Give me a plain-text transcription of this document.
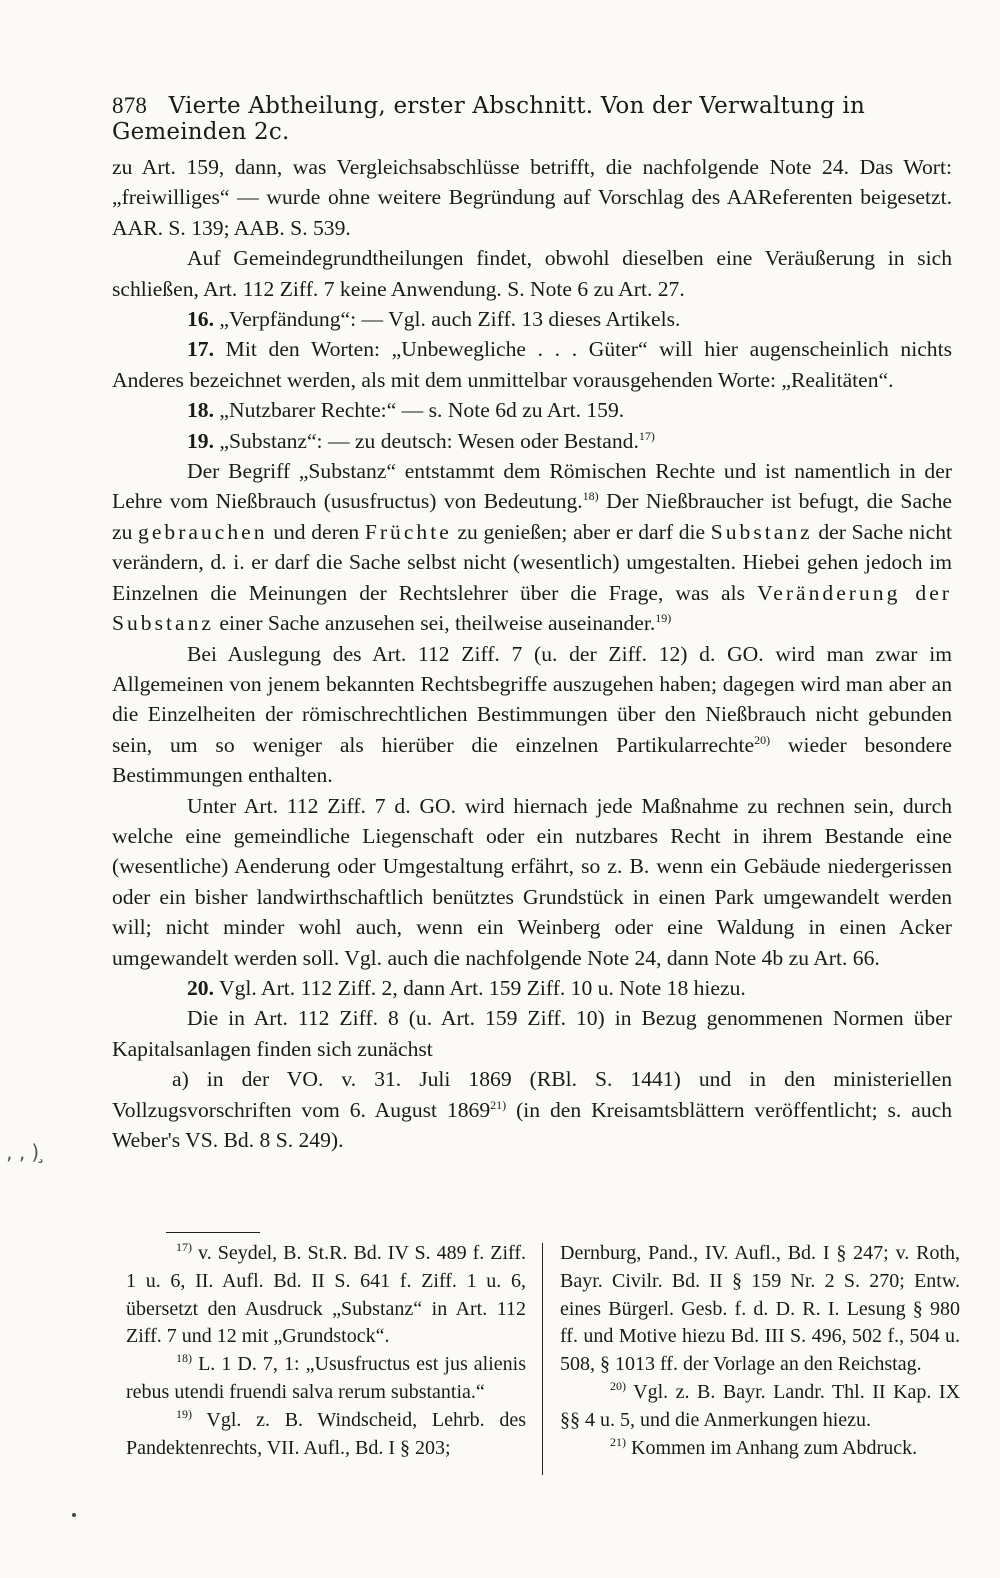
878 Vierte Abtheilung, erster Abschnitt. Von der Verwaltung in Gemeinden 2c.

zu Art. 159, dann, was Vergleichsabschlüsse betrifft, die nachfolgende Note 24. Das Wort: „freiwilliges“ — wurde ohne weitere Begründung auf Vorschlag des AAReferenten beigesetzt. AAR. S. 139; AAB. S. 539.

Auf Gemeindegrundtheilungen findet, obwohl dieselben eine Veräußerung in sich schließen, Art. 112 Ziff. 7 keine Anwendung. S. Note 6 zu Art. 27.

16. „Verpfändung“: — Vgl. auch Ziff. 13 dieses Artikels.

17. Mit den Worten: „Unbewegliche . . . Güter“ will hier augenscheinlich nichts Anderes bezeichnet werden, als mit dem unmittelbar vorausgehenden Worte: „Realitäten“.

18. „Nutzbarer Rechte:“ — s. Note 6d zu Art. 159.

19. „Substanz“: — zu deutsch: Wesen oder Bestand.$^{17)}$

Der Begriff „Substanz“ entstammt dem Römischen Rechte und ist namentlich in der Lehre vom Nießbrauch (ususfructus) von Bedeutung.$^{18)}$ Der Nießbraucher ist befugt, die Sache zu gebrauchen und deren Früchte zu genießen; aber er darf die Substanz der Sache nicht verändern, d. i. er darf die Sache selbst nicht (wesentlich) umgestalten. Hiebei gehen jedoch im Einzelnen die Meinungen der Rechtslehrer über die Frage, was als Veränderung der Substanz einer Sache anzusehen sei, theilweise auseinander.$^{19)}$

Bei Auslegung des Art. 112 Ziff. 7 (u. der Ziff. 12) d. GO. wird man zwar im Allgemeinen von jenem bekannten Rechtsbegriffe auszugehen haben; dagegen wird man aber an die Einzelheiten der römischrechtlichen Bestimmungen über den Nießbrauch nicht gebunden sein, um so weniger als hierüber die einzelnen Partikularrechte$^{20)}$ wieder besondere Bestimmungen enthalten.

Unter Art. 112 Ziff. 7 d. GO. wird hiernach jede Maßnahme zu rechnen sein, durch welche eine gemeindliche Liegenschaft oder ein nutzbares Recht in ihrem Bestande eine (wesentliche) Aenderung oder Umgestaltung erfährt, so z. B. wenn ein Gebäude niedergerissen oder ein bisher landwirthschaftlich benütztes Grundstück in einen Park umgewandelt werden will; nicht minder wohl auch, wenn ein Weinberg oder eine Waldung in einen Acker umgewandelt werden soll. Vgl. auch die nachfolgende Note 24, dann Note 4b zu Art. 66.

20. Vgl. Art. 112 Ziff. 2, dann Art. 159 Ziff. 10 u. Note 18 hiezu.

Die in Art. 112 Ziff. 8 (u. Art. 159 Ziff. 10) in Bezug genommenen Normen über Kapitalsanlagen finden sich zunächst

a) in der VO. v. 31. Juli 1869 (RBl. S. 1441) und in den ministeriellen Vollzugsvorschriften vom 6. August 1869$^{21)}$ (in den Kreisamtsblättern veröffentlicht; s. auch Weber's VS. Bd. 8 S. 249).

$^{17)}$ v. Seydel, B. St.R. Bd. IV S. 489 f. Ziff. 1 u. 6, II. Aufl. Bd. II S. 641 f. Ziff. 1 u. 6, übersetzt den Ausdruck „Substanz“ in Art. 112 Ziff. 7 und 12 mit „Grundstock“.

$^{18)}$ L. 1 D. 7, 1: „Ususfructus est jus alienis rebus utendi fruendi salva rerum substantia.“

$^{19)}$ Vgl. z. B. Windscheid, Lehrb. des Pandektenrechts, VII. Aufl., Bd. I § 203;

Dernburg, Pand., IV. Aufl., Bd. I § 247; v. Roth, Bayr. Civilr. Bd. II § 159 Nr. 2 S. 270; Entw. eines Bürgerl. Gesb. f. d. D. R. I. Lesung § 980 ff. und Motive hiezu Bd. III S. 496, 502 f., 504 u. 508, § 1013 ff. der Vorlage an den Reichstag.

$^{20)}$ Vgl. z. B. Bayr. Landr. Thl. II Kap. IX §§ 4 u. 5, und die Anmerkungen hiezu.

$^{21)}$ Kommen im Anhang zum Abdruck.

‚ ‚ ) ̧
